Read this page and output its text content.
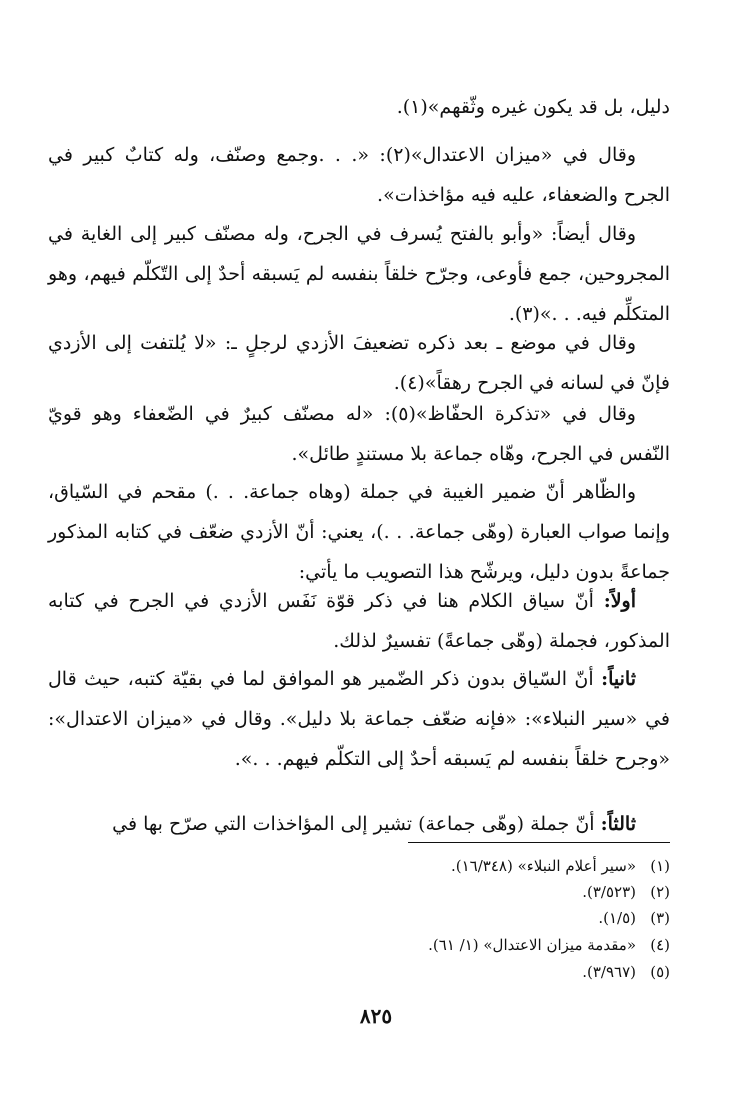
دليل، بل قد يكون غيره وثّقهم»(١).

وقال في «ميزان الاعتدال»(٢): «. . .وجمع وصنّف، وله كتابٌ كبير في الجرح والضعفاء، عليه فيه مؤاخذات».

وقال أيضاً: «وأبو بالفتح يُسرف في الجرح، وله مصنّف كبير إلى الغاية في المجروحين، جمع فأوعى، وجرّح خلقاً بنفسه لم يَسبقه أحدٌ إلى التّكلّم فيهم، وهو المتكلِّم فيه. . .»(٣).

وقال في موضع ـ بعد ذكره تضعيفَ الأزدي لرجلٍ ـ: «لا يُلتفت إلى الأزدي فإنّ في لسانه في الجرح رهقاً»(٤).

وقال في «تذكرة الحفّاظ»(٥): «له مصنّف كبيرٌ في الضّعفاء وهو قويّ النّفس في الجرح، وهّاه جماعة بلا مستندٍ طائل».

والظّاهر أنّ ضمير الغيبة في جملة (وهاه جماعة. . .) مقحم في السّياق، وإنما صواب العبارة (وهّى جماعة. . .)، يعني: أنّ الأزدي ضعّف في كتابه المذكور جماعةً بدون دليل، ويرشّح هذا التصويب ما يأتي:

أولاً: أنّ سياق الكلام هنا في ذكر قوّة نَفَس الأزدي في الجرح في كتابه المذكور، فجملة (وهّى جماعةً) تفسيرٌ لذلك.

ثانياً: أنّ السّياق بدون ذكر الضّمير هو الموافق لما في بقيّة كتبه، حيث قال في «سير النبلاء»: «فإنه ضعّف جماعة بلا دليل». وقال في «ميزان الاعتدال»: «وجرح خلقاً بنفسه لم يَسبقه أحدٌ إلى التكلّم فيهم. . .».

ثالثاً: أنّ جملة (وهّى جماعة) تشير إلى المؤاخذات التي صرّح بها في

(١)«سير أعلام النبلاء» (١٦/٣٤٨).
(٢)(٣/٥٢٣).
(٣)(١/٥).
(٤)«مقدمة ميزان الاعتدال» (١/ ٦١).
(٥)(٣/٩٦٧).
٨٢٥
